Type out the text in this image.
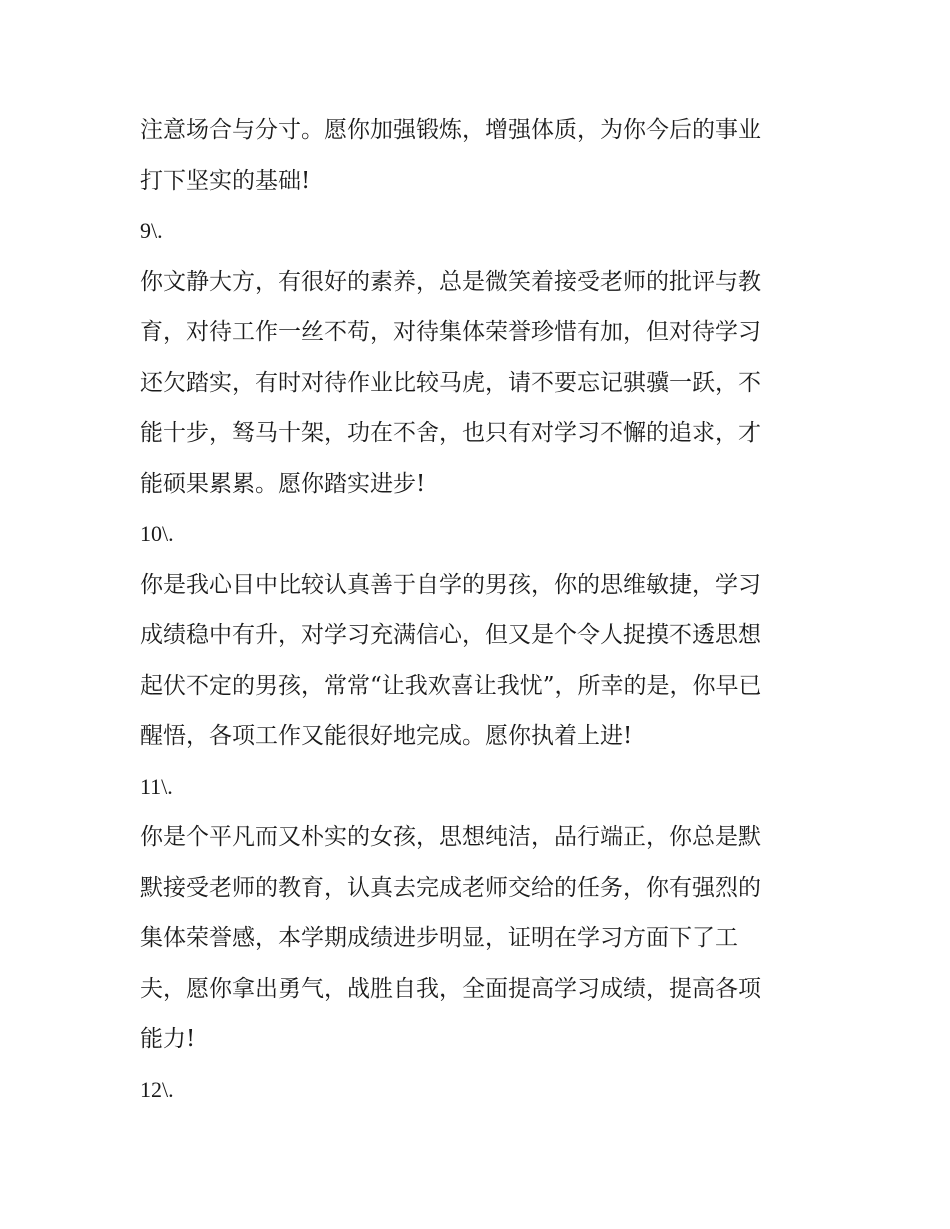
注意场合与分寸。愿你加强锻炼，增强体质，为你今后的事业
打下坚实的基础!
9\.
你文静大方，有很好的素养，总是微笑着接受老师的批评与教
育，对待工作一丝不苟，对待集体荣誉珍惜有加，但对待学习
还欠踏实，有时对待作业比较马虎，请不要忘记骐骥一跃，不
能十步，驽马十架，功在不舍，也只有对学习不懈的追求，才
能硕果累累。愿你踏实进步!
10\.
你是我心目中比较认真善于自学的男孩，你的思维敏捷，学习
成绩稳中有升，对学习充满信心，但又是个令人捉摸不透思想
起伏不定的男孩，常常“让我欢喜让我忧”，所幸的是，你早已
醒悟，各项工作又能很好地完成。愿你执着上进!
11\.
你是个平凡而又朴实的女孩，思想纯洁，品行端正，你总是默
默接受老师的教育，认真去完成老师交给的任务，你有强烈的
集体荣誉感，本学期成绩进步明显，证明在学习方面下了工
夫，愿你拿出勇气，战胜自我，全面提高学习成绩，提高各项
能力!
12\.
